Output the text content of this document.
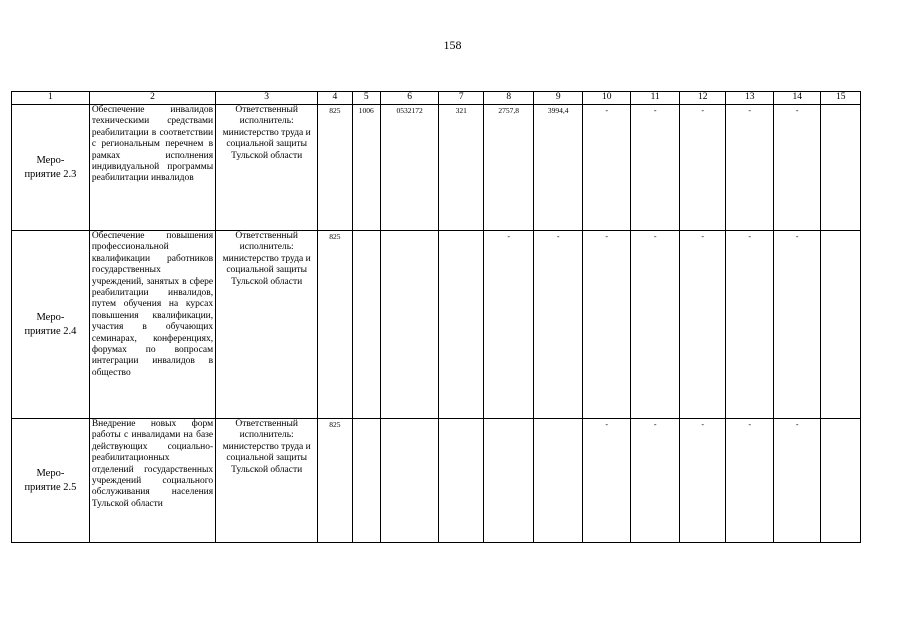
158
1	2	3	4	5	6	7	8	9	10	11	12	13	14	15

Меро-
приятие 2.3	Обеспечение инвалидов техническими средствами реабилитации в соответствии с региональным перечнем в рамках исполнения индивидуальной программы реабилитации инвалидов	Ответственный исполнитель: министерство труда и социальной защиты Тульской области	825	1006	0532172	321	2757,8	3994,4	-	-	-	-	-	

Меро-
приятие 2.4	Обеспечение повышения профессиональной квалификации работников государственных учреждений, занятых в сфере реабилитации инвалидов, путем обучения на курсах повышения квалификации, участия в обучающих семинарах, конференциях, форумах по вопросам интеграции инвалидов в общество	Ответственный исполнитель: министерство труда и социальной защиты Тульской области	825				-	-	-	-	-	-	-	

Меро-
приятие 2.5	Внедрение новых форм работы с инвалидами на базе действующих социально-реабилитационных отделений государственных учреждений социального обслуживания населения Тульской области	Ответственный исполнитель: министерство труда и социальной защиты Тульской области	825						-	-	-	-	-	
